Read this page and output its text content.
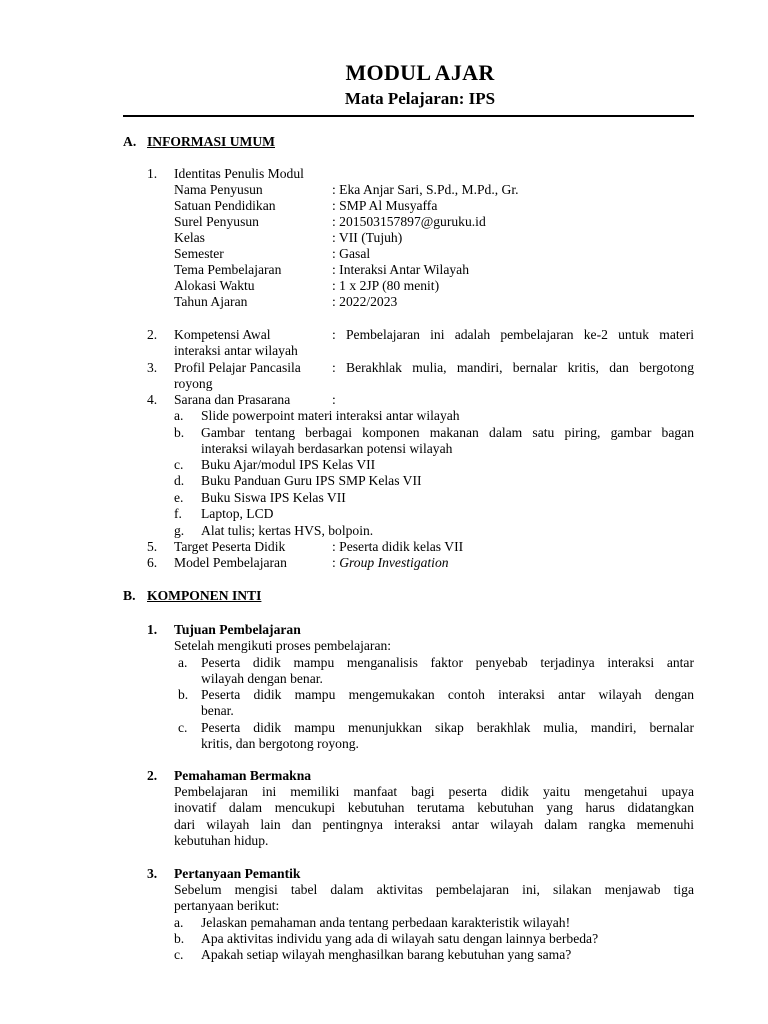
MODUL AJAR
Mata Pelajaran: IPS
A. INFORMASI UMUM
1. Identitas Penulis Modul
Nama Penyusun	: Eka Anjar Sari, S.Pd., M.Pd., Gr.
Satuan Pendidikan	: SMP Al Musyaffa
Surel Penyusun	: 201503157897@guruku.id
Kelas	: VII (Tujuh)
Semester	: Gasal
Tema Pembelajaran	: Interaksi Antar Wilayah
Alokasi Waktu	: 1 x 2JP (80 menit)
Tahun Ajaran	: 2022/2023
2. Kompetensi Awal	: Pembelajaran ini adalah pembelajaran ke-2 untuk materi
interaksi antar wilayah
3. Profil Pelajar Pancasila : Berakhlak mulia, mandiri, bernalar kritis, dan bergotong
royong
4. Sarana dan Prasarana	:
a. Slide powerpoint materi interaksi antar wilayah
b. Gambar tentang berbagai komponen makanan dalam satu piring, gambar bagan
interaksi wilayah berdasarkan potensi wilayah
c. Buku Ajar/modul IPS Kelas VII
d. Buku Panduan Guru IPS SMP Kelas VII
e. Buku Siswa IPS Kelas VII
f. Laptop, LCD
g. Alat tulis; kertas HVS, bolpoin.
5. Target Peserta Didik	: Peserta didik kelas VII
6. Model Pembelajaran	: Group Investigation
B. KOMPONEN INTI
1. Tujuan Pembelajaran
Setelah mengikuti proses pembelajaran:
a. Peserta didik mampu menganalisis faktor penyebab terjadinya interaksi antar
wilayah dengan benar.
b. Peserta didik mampu mengemukakan contoh interaksi antar wilayah dengan
benar.
c. Peserta didik mampu menunjukkan sikap berakhlak mulia, mandiri, bernalar
kritis, dan bergotong royong.
2. Pemahaman Bermakna
Pembelajaran ini memiliki manfaat bagi peserta didik yaitu mengetahui upaya
inovatif dalam mencukupi kebutuhan terutama kebutuhan yang harus didatangkan
dari wilayah lain dan pentingnya interaksi antar wilayah dalam rangka memenuhi
kebutuhan hidup.
3. Pertanyaan Pemantik
Sebelum mengisi tabel dalam aktivitas pembelajaran ini, silakan menjawab tiga
pertanyaan berikut:
a. Jelaskan pemahaman anda tentang perbedaan karakteristik wilayah!
b. Apa aktivitas individu yang ada di wilayah satu dengan lainnya berbeda?
c. Apakah setiap wilayah menghasilkan barang kebutuhan yang sama?
